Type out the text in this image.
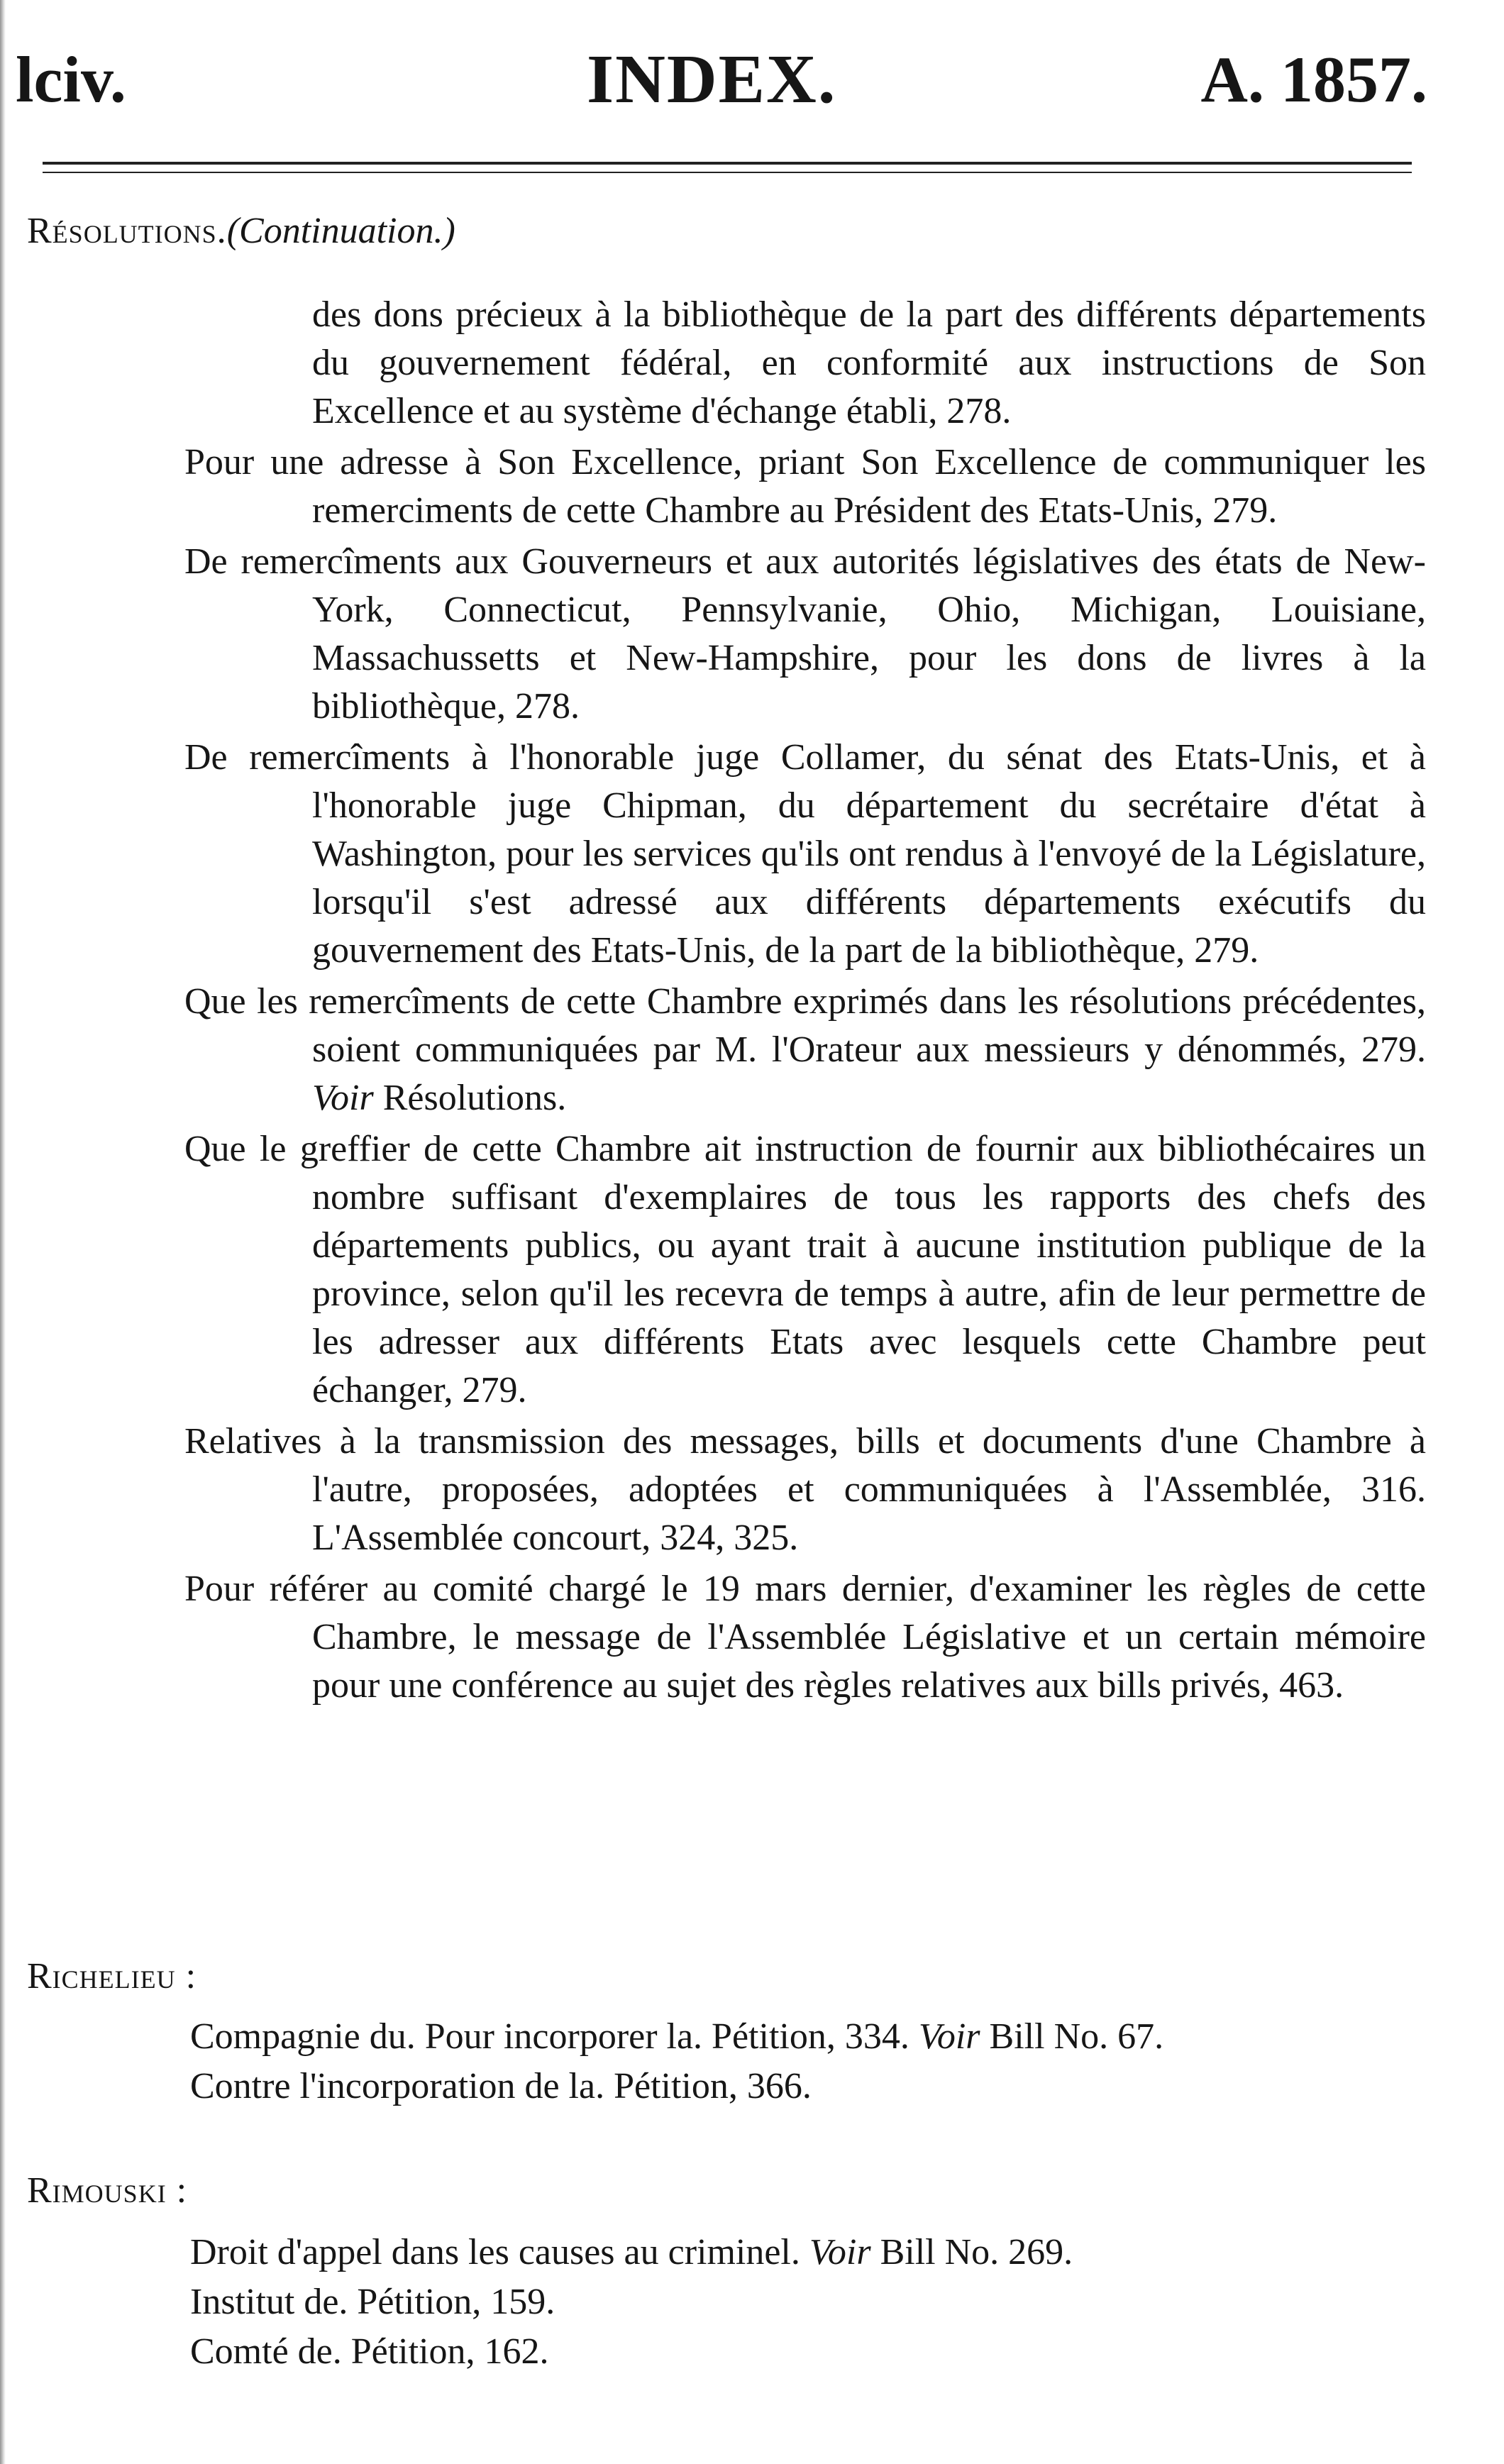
lciv.	INDEX.	A. 1857.
Résolutions.(Continuation.)

des dons précieux à la bibliothèque de la part des différents départements du gouvernement fédéral, en conformité aux instructions de Son Excellence et au système d'échange établi, 278.

Pour une adresse à Son Excellence, priant Son Excellence de communiquer les remerciments de cette Chambre au Président des Etats-Unis, 279.

De remercîments aux Gouverneurs et aux autorités législatives des états de New-York, Connecticut, Pennsylvanie, Ohio, Michigan, Louisiane, Massachussetts et New-Hampshire, pour les dons de livres à la bibliothèque, 278.

De remercîments à l'honorable juge Collamer, du sénat des Etats-Unis, et à l'honorable juge Chipman, du département du secrétaire d'état à Washington, pour les services qu'ils ont rendus à l'envoyé de la Législature, lorsqu'il s'est adressé aux différents départements exécutifs du gouvernement des Etats-Unis, de la part de la bibliothèque, 279.

Que les remercîments de cette Chambre exprimés dans les résolutions précédentes, soient communiquées par M. l'Orateur aux messieurs y dénommés, 279. Voir Résolutions.

Que le greffier de cette Chambre ait instruction de fournir aux bibliothécaires un nombre suffisant d'exemplaires de tous les rapports des chefs des départements publics, ou ayant trait à aucune institution publique de la province, selon qu'il les recevra de temps à autre, afin de leur permettre de les adresser aux différents Etats avec lesquels cette Chambre peut échanger, 279.

Relatives à la transmission des messages, bills et documents d'une Chambre à l'autre, proposées, adoptées et communiquées à l'Assemblée, 316. L'Assemblée concourt, 324, 325.

Pour référer au comité chargé le 19 mars dernier, d'examiner les règles de cette Chambre, le message de l'Assemblée Législative et un certain mémoire pour une conférence au sujet des règles relatives aux bills privés, 463.

Richelieu :

Compagnie du. Pour incorporer la. Pétition, 334. Voir Bill No. 67.

Contre l'incorporation de la. Pétition, 366.

Rimouski :

Droit d'appel dans les causes au criminel. Voir Bill No. 269.

Institut de. Pétition, 159.

Comté de. Pétition, 162.
